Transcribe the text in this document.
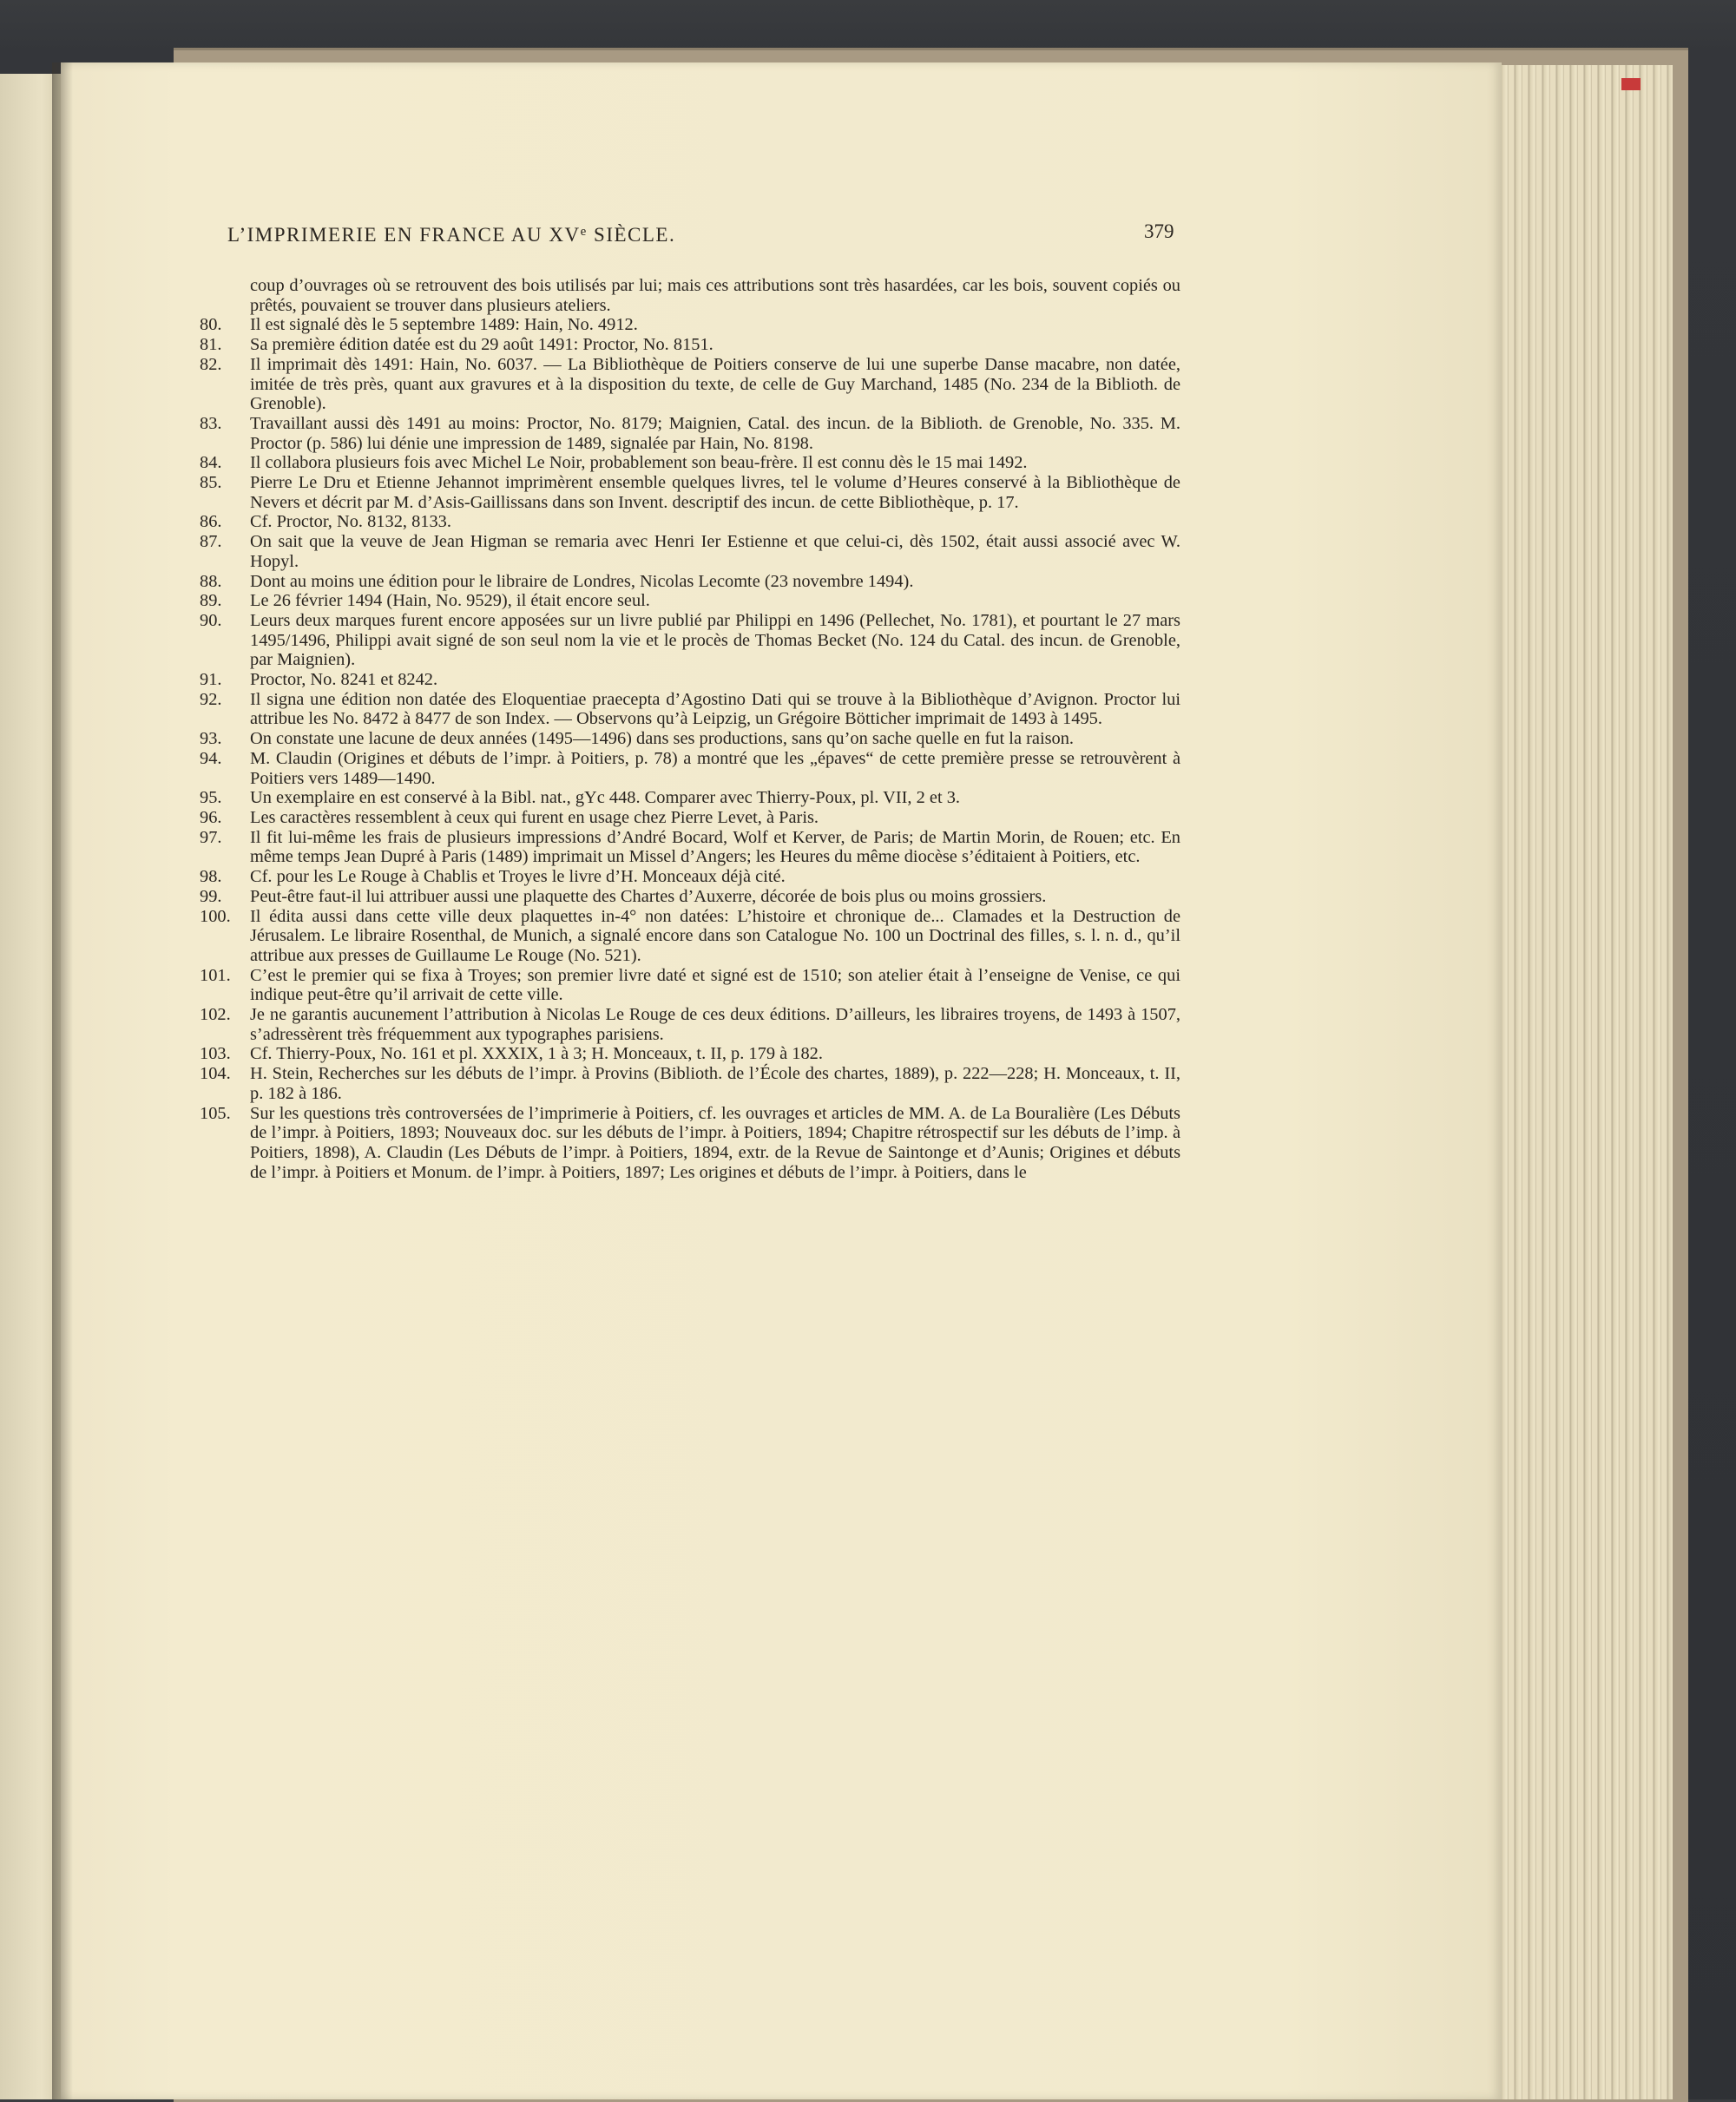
L’IMPRIMERIE EN FRANCE AU XVe SIÈCLE.	379

coup d’ouvrages où se retrouvent des bois utilisés par lui; mais ces attributions sont très hasardées, car les bois, souvent copiés ou prêtés, pouvaient se trouver dans plusieurs ateliers.

80.	Il est signalé dès le 5 septembre 1489: Hain, No. 4912.

81.	Sa première édition datée est du 29 août 1491: Proctor, No. 8151.

82.	Il imprimait dès 1491: Hain, No. 6037. — La Bibliothèque de Poitiers conserve de lui une superbe Danse macabre, non datée, imitée de très près, quant aux gravures et à la disposition du texte, de celle de Guy Marchand, 1485 (No. 234 de la Biblioth. de Grenoble).

83.	Travaillant aussi dès 1491 au moins: Proctor, No. 8179; Maignien, Catal. des incun. de la Biblioth. de Grenoble, No. 335. M. Proctor (p. 586) lui dénie une impression de 1489, signalée par Hain, No. 8198.

84.	Il collabora plusieurs fois avec Michel Le Noir, probablement son beau-frère. Il est connu dès le 15 mai 1492.

85.	Pierre Le Dru et Etienne Jehannot imprimèrent ensemble quelques livres, tel le volume d’Heures conservé à la Bibliothèque de Nevers et décrit par M. d’Asis-Gaillissans dans son Invent. descriptif des incun. de cette Bibliothèque, p. 17.

86.	Cf. Proctor, No. 8132, 8133.

87.	On sait que la veuve de Jean Higman se remaria avec Henri Ier Estienne et que celui-ci, dès 1502, était aussi associé avec W. Hopyl.

88.	Dont au moins une édition pour le libraire de Londres, Nicolas Lecomte (23 novembre 1494).

89.	Le 26 février 1494 (Hain, No. 9529), il était encore seul.

90.	Leurs deux marques furent encore apposées sur un livre publié par Philippi en 1496 (Pellechet, No. 1781), et pourtant le 27 mars 1495/1496, Philippi avait signé de son seul nom la vie et le procès de Thomas Becket (No. 124 du Catal. des incun. de Grenoble, par Maignien).

91.	Proctor, No. 8241 et 8242.

92.	Il signa une édition non datée des Eloquentiae praecepta d’Agostino Dati qui se trouve à la Bibliothèque d’Avignon. Proctor lui attribue les No. 8472 à 8477 de son Index. — Observons qu’à Leipzig, un Grégoire Bötticher imprimait de 1493 à 1495.

93.	On constate une lacune de deux années (1495—1496) dans ses productions, sans qu’on sache quelle en fut la raison.

94.	M. Claudin (Origines et débuts de l’impr. à Poitiers, p. 78) a montré que les „épaves“ de cette première presse se retrouvèrent à Poitiers vers 1489—1490.

95.	Un exemplaire en est conservé à la Bibl. nat., gYc 448. Comparer avec Thierry-Poux, pl. VII, 2 et 3.

96.	Les caractères ressemblent à ceux qui furent en usage chez Pierre Levet, à Paris.

97.	Il fit lui-même les frais de plusieurs impressions d’André Bocard, Wolf et Kerver, de Paris; de Martin Morin, de Rouen; etc. En même temps Jean Dupré à Paris (1489) imprimait un Missel d’Angers; les Heures du même diocèse s’éditaient à Poitiers, etc.

98.	Cf. pour les Le Rouge à Chablis et Troyes le livre d’H. Monceaux déjà cité.

99.	Peut-être faut-il lui attribuer aussi une plaquette des Chartes d’Auxerre, décorée de bois plus ou moins grossiers.

100.	Il édita aussi dans cette ville deux plaquettes in-4° non datées: L’histoire et chronique de... Clamades et la Destruction de Jérusalem. Le libraire Rosenthal, de Munich, a signalé encore dans son Catalogue No. 100 un Doctrinal des filles, s. l. n. d., qu’il attribue aux presses de Guillaume Le Rouge (No. 521).

101.	C’est le premier qui se fixa à Troyes; son premier livre daté et signé est de 1510; son atelier était à l’enseigne de Venise, ce qui indique peut-être qu’il arrivait de cette ville.

102.	Je ne garantis aucunement l’attribution à Nicolas Le Rouge de ces deux éditions. D’ailleurs, les libraires troyens, de 1493 à 1507, s’adressèrent très fréquemment aux typographes parisiens.

103.	Cf. Thierry-Poux, No. 161 et pl. XXXIX, 1 à 3; H. Monceaux, t. II, p. 179 à 182.

104.	H. Stein, Recherches sur les débuts de l’impr. à Provins (Biblioth. de l’École des chartes, 1889), p. 222—228; H. Monceaux, t. II, p. 182 à 186.

105.	Sur les questions très controversées de l’imprimerie à Poitiers, cf. les ouvrages et articles de MM. A. de La Bouralière (Les Débuts de l’impr. à Poitiers, 1893; Nouveaux doc. sur les débuts de l’impr. à Poitiers, 1894; Chapitre rétrospectif sur les débuts de l’imp. à Poitiers, 1898), A. Claudin (Les Débuts de l’impr. à Poitiers, 1894, extr. de la Revue de Saintonge et d’Aunis; Origines et débuts de l’impr. à Poitiers et Monum. de l’impr. à Poitiers, 1897; Les origines et débuts de l’impr. à Poitiers, dans le
